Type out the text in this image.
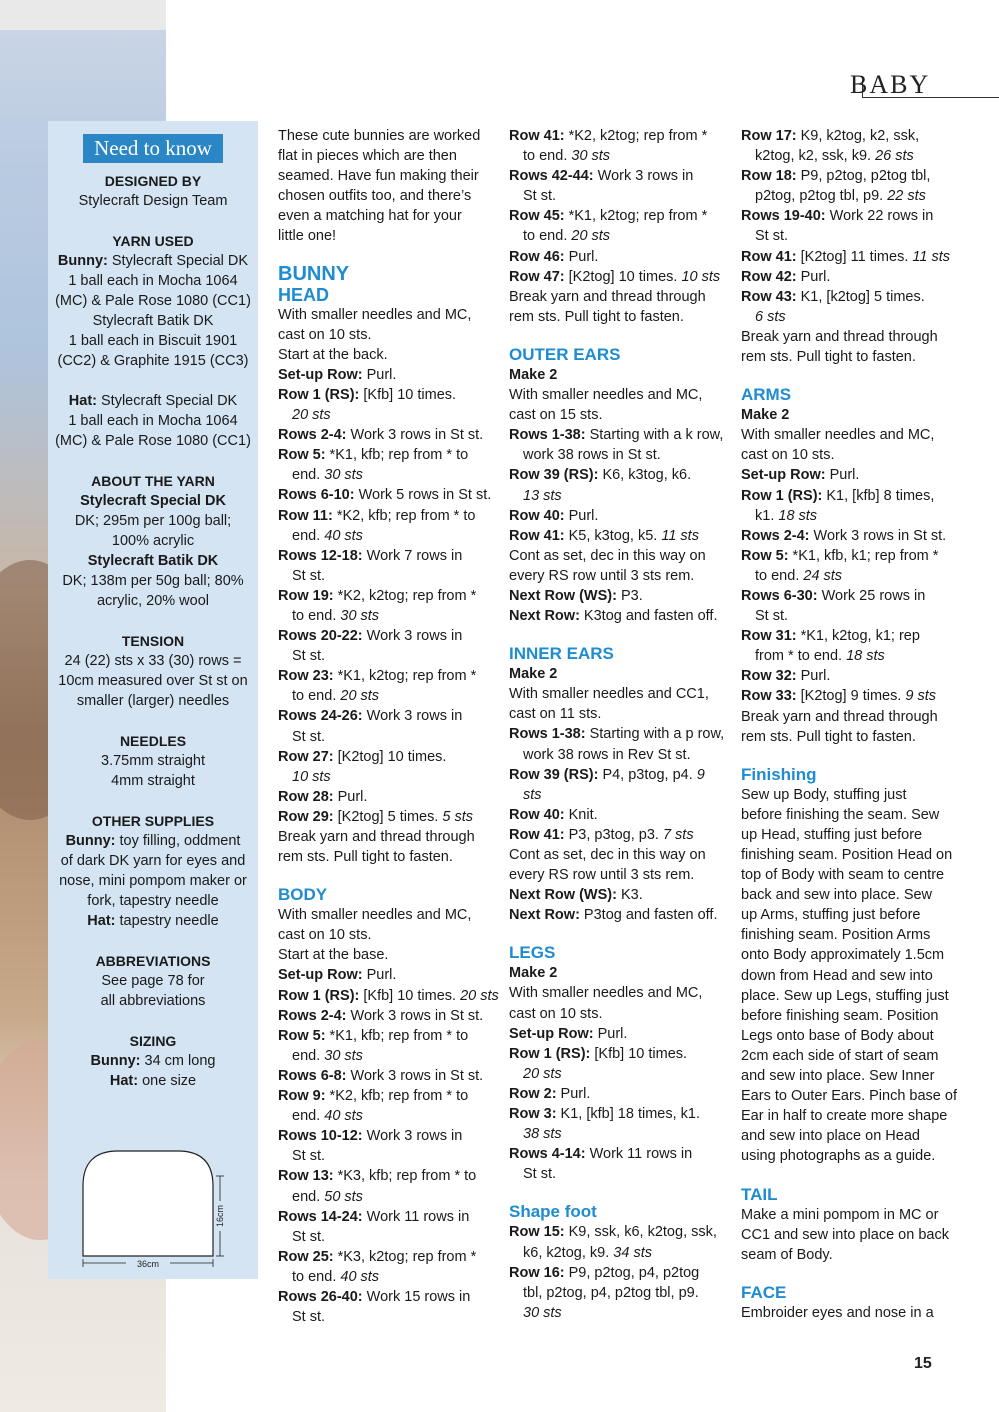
BABY
Need to know
DESIGNED BY
Stylecraft Design Team
YARN USED
Bunny: Stylecraft Special DK
1 ball each in Mocha 1064
(MC) & Pale Rose 1080 (CC1)
Stylecraft Batik DK
1 ball each in Biscuit 1901
(CC2) & Graphite 1915 (CC3)
Hat: Stylecraft Special DK
1 ball each in Mocha 1064
(MC) & Pale Rose 1080 (CC1)
ABOUT THE YARN
Stylecraft Special DK
DK; 295m per 100g ball;
100% acrylic
Stylecraft Batik DK
DK; 138m per 50g ball; 80%
acrylic, 20% wool
TENSION
24 (22) sts x 33 (30) rows =
10cm measured over St st on
smaller (larger) needles
NEEDLES
3.75mm straight
4mm straight
OTHER SUPPLIES
Bunny: toy filling, oddment
of dark DK yarn for eyes and
nose, mini pompom maker or
fork, tapestry needle
Hat: tapestry needle
ABBREVIATIONS
See page 78 for
all abbreviations
SIZING
Bunny: 34 cm long
Hat: one size
36cm
16cm

These cute bunnies are worked

flat in pieces which are then

seamed. Have fun making their

chosen outfits too, and there’s

even a matching hat for your

little one!

BUNNY
HEAD

With smaller needles and MC,

cast on 10 sts.

Start at the back.

Set-up Row: Purl.

Row 1 (RS): [Kfb] 10 times.

20 sts

Rows 2-4: Work 3 rows in St st.

Row 5: *K1, kfb; rep from * to

end. 30 sts

Rows 6-10: Work 5 rows in St st.

Row 11: *K2, kfb; rep from * to

end. 40 sts

Rows 12-18: Work 7 rows in

St st.

Row 19: *K2, k2tog; rep from *

to end. 30 sts

Rows 20-22: Work 3 rows in

St st.

Row 23: *K1, k2tog; rep from *

to end. 20 sts

Rows 24-26: Work 3 rows in

St st.

Row 27: [K2tog] 10 times.

10 sts

Row 28: Purl.

Row 29: [K2tog] 5 times. 5 sts

Break yarn and thread through

rem sts. Pull tight to fasten.

BODY

With smaller needles and MC,

cast on 10 sts.

Start at the base.

Set-up Row: Purl.

Row 1 (RS): [Kfb] 10 times. 20 sts

Rows 2-4: Work 3 rows in St st.

Row 5: *K1, kfb; rep from * to

end. 30 sts

Rows 6-8: Work 3 rows in St st.

Row 9: *K2, kfb; rep from * to

end. 40 sts

Rows 10-12: Work 3 rows in

St st.

Row 13: *K3, kfb; rep from * to

end. 50 sts

Rows 14-24: Work 11 rows in

St st.

Row 25: *K3, k2tog; rep from *

to end. 40 sts

Rows 26-40: Work 15 rows in

St st.

Row 41: *K2, k2tog; rep from *

to end. 30 sts

Rows 42-44: Work 3 rows in

St st.

Row 45: *K1, k2tog; rep from *

to end. 20 sts

Row 46: Purl.

Row 47: [K2tog] 10 times. 10 sts

Break yarn and thread through

rem sts. Pull tight to fasten.

OUTER EARS

Make 2

With smaller needles and MC,

cast on 15 sts.

Rows 1-38: Starting with a k row,

work 38 rows in St st.

Row 39 (RS): K6, k3tog, k6.

13 sts

Row 40: Purl.

Row 41: K5, k3tog, k5. 11 sts

Cont as set, dec in this way on

every RS row until 3 sts rem.

Next Row (WS): P3.

Next Row: K3tog and fasten off.

INNER EARS

Make 2

With smaller needles and CC1,

cast on 11 sts.

Rows 1-38: Starting with a p row,

work 38 rows in Rev St st.

Row 39 (RS): P4, p3tog, p4. 9

sts

Row 40: Knit.

Row 41: P3, p3tog, p3. 7 sts

Cont as set, dec in this way on

every RS row until 3 sts rem.

Next Row (WS): K3.

Next Row: P3tog and fasten off.

LEGS

Make 2

With smaller needles and MC,

cast on 10 sts.

Set-up Row: Purl.

Row 1 (RS): [Kfb] 10 times.

20 sts

Row 2: Purl.

Row 3: K1, [kfb] 18 times, k1.

38 sts

Rows 4-14: Work 11 rows in

St st.

Shape foot

Row 15: K9, ssk, k6, k2tog, ssk,

k6, k2tog, k9. 34 sts

Row 16: P9, p2tog, p4, p2tog

tbl, p2tog, p4, p2tog tbl, p9.

30 sts

Row 17: K9, k2tog, k2, ssk,

k2tog, k2, ssk, k9. 26 sts

Row 18: P9, p2tog, p2tog tbl,

p2tog, p2tog tbl, p9. 22 sts

Rows 19-40: Work 22 rows in

St st.

Row 41: [K2tog] 11 times. 11 sts

Row 42: Purl.

Row 43: K1, [k2tog] 5 times.

6 sts

Break yarn and thread through

rem sts. Pull tight to fasten.

ARMS

Make 2

With smaller needles and MC,

cast on 10 sts.

Set-up Row: Purl.

Row 1 (RS): K1, [kfb] 8 times,

k1. 18 sts

Rows 2-4: Work 3 rows in St st.

Row 5: *K1, kfb, k1; rep from *

to end. 24 sts

Rows 6-30: Work 25 rows in

St st.

Row 31: *K1, k2tog, k1; rep

from * to end. 18 sts

Row 32: Purl.

Row 33: [K2tog] 9 times. 9 sts

Break yarn and thread through

rem sts. Pull tight to fasten.

Finishing

Sew up Body, stuffing just

before finishing the seam. Sew

up Head, stuffing just before

finishing seam. Position Head on

top of Body with seam to centre

back and sew into place. Sew

up Arms, stuffing just before

finishing seam. Position Arms

onto Body approximately 1.5cm

down from Head and sew into

place. Sew up Legs, stuffing just

before finishing seam. Position

Legs onto base of Body about

2cm each side of start of seam

and sew into place. Sew Inner

Ears to Outer Ears. Pinch base of

Ear in half to create more shape

and sew into place on Head

using photographs as a guide.

TAIL

Make a mini pompom in MC or

CC1 and sew into place on back

seam of Body.

FACE

Embroider eyes and nose in a

15
